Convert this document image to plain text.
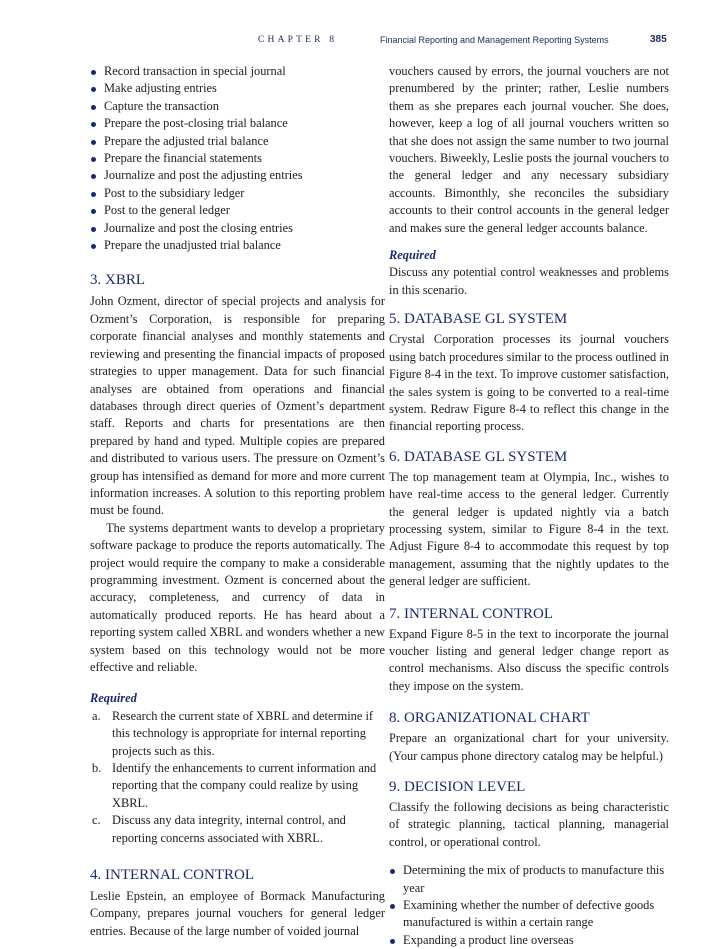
CHAPTER 8	Financial Reporting and Management Reporting Systems	385
Record transaction in special journal
Make adjusting entries
Capture the transaction
Prepare the post-closing trial balance
Prepare the adjusted trial balance
Prepare the financial statements
Journalize and post the adjusting entries
Post to the subsidiary ledger
Post to the general ledger
Journalize and post the closing entries
Prepare the unadjusted trial balance
3. XBRL

John Ozment, director of special projects and analysis for Ozment’s Corporation, is responsible for preparing corporate financial analyses and monthly statements and reviewing and presenting the financial impacts of proposed strategies to upper management. Data for such financial analyses are obtained from operations and financial databases through direct queries of Ozment’s department staff. Reports and charts for presentations are then prepared by hand and typed. Multiple copies are prepared and distributed to various users. The pressure on Ozment’s group has intensified as demand for more and more current information increases. A solution to this reporting problem must be found.

The systems department wants to develop a proprietary software package to produce the reports automatically. The project would require the company to make a considerable programming investment. Ozment is concerned about the accuracy, completeness, and currency of data in automatically produced reports. He has heard about a reporting system called XBRL and wonders whether a new system based on this technology would not be more effective and reliable.

Required
a. Research the current state of XBRL and determine if this technology is appropriate for internal reporting projects such as this.
b. Identify the enhancements to current information and reporting that the company could realize by using XBRL.
c. Discuss any data integrity, internal control, and reporting concerns associated with XBRL.
4. INTERNAL CONTROL

Leslie Epstein, an employee of Bormack Manufacturing Company, prepares journal vouchers for general ledger entries. Because of the large number of voided journal

vouchers caused by errors, the journal vouchers are not prenumbered by the printer; rather, Leslie numbers them as she prepares each journal voucher. She does, however, keep a log of all journal vouchers written so that she does not assign the same number to two journal vouchers. Biweekly, Leslie posts the journal vouchers to the general ledger and any necessary subsidiary accounts. Bimonthly, she reconciles the subsidiary accounts to their control accounts in the general ledger and makes sure the general ledger accounts balance.

Required

Discuss any potential control weaknesses and problems in this scenario.

5. DATABASE GL SYSTEM

Crystal Corporation processes its journal vouchers using batch procedures similar to the process outlined in Figure 8-4 in the text. To improve customer satisfaction, the sales system is going to be converted to a real-time system. Redraw Figure 8-4 to reflect this change in the financial reporting process.

6. DATABASE GL SYSTEM

The top management team at Olympia, Inc., wishes to have real-time access to the general ledger. Currently the general ledger is updated nightly via a batch processing system, similar to Figure 8-4 in the text. Adjust Figure 8-4 to accommodate this request by top management, assuming that the nightly updates to the general ledger are sufficient.

7. INTERNAL CONTROL

Expand Figure 8-5 in the text to incorporate the journal voucher listing and general ledger change report as control mechanisms. Also discuss the specific controls they impose on the system.

8. ORGANIZATIONAL CHART

Prepare an organizational chart for your university. (Your campus phone directory catalog may be helpful.)

9. DECISION LEVEL

Classify the following decisions as being characteristic of strategic planning, tactical planning, managerial control, or operational control.

Determining the mix of products to manufacture this year
Examining whether the number of defective goods manufactured is within a certain range
Expanding a product line overseas
